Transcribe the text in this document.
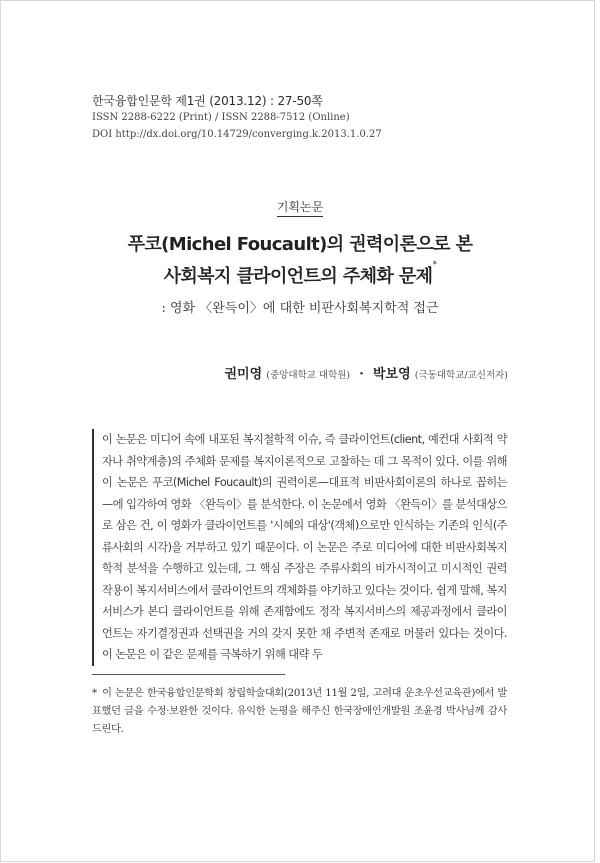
한국융합인문학 제1권 (2013.12) : 27-50쪽
ISSN 2288-6222 (Print) / ISSN 2288-7512 (Online)
DOI http://dx.doi.org/10.14729/converging.k.2013.1.0.27
기획논문
푸코(Michel Foucault)의 권력이론으로 본
사회복지 클라이언트의 주체화 문제*
: 영화 〈완득이〉에 대한 비판사회복지학적 접근
권미영 (중앙대학교 대학원) · 박보영 (극동대학교/교신저자)
이 논문은 미디어 속에 내포된 복지철학적 이슈, 즉 클라이언트(client, 예컨대 사회적 약자나 취약계층)의 주체화 문제를 복지이론적으로 고찰하는 데 그 목적이 있다. 이를 위해 이 논문은 푸코(Michel Foucault)의 권력이론—대표적 비판사회이론의 하나로 꼽히는—에 입각하여 영화 〈완득이〉를 분석한다. 이 논문에서 영화 〈완득이〉를 분석대상으로 삼은 건, 이 영화가 클라이언트를 '시혜의 대상'(객체)으로만 인식하는 기존의 인식(주류사회의 시각)을 거부하고 있기 때문이다. 이 논문은 주로 미디어에 대한 비판사회복지학적 분석을 수행하고 있는데, 그 핵심 주장은 주류사회의 비가시적이고 미시적인 권력 작용이 복지서비스에서 클라이언트의 객체화를 야기하고 있다는 것이다. 쉽게 말해, 복지서비스가 본디 클라이언트를 위해 존재함에도 정작 복지서비스의 제공과정에서 클라이언트는 자기결정권과 선택권을 거의 갖지 못한 채 주변적 존재로 머물러 있다는 것이다. 이 논문은 이 같은 문제를 극복하기 위해 대략 두
* 이 논문은 한국융합인문학회 창립학술대회(2013년 11월 2일, 고려대 운초우선교육관)에서 발표했던 글을 수정·보완한 것이다. 유익한 논평을 해주신 한국장애인개발원 조윤경 박사님께 감사드린다.
